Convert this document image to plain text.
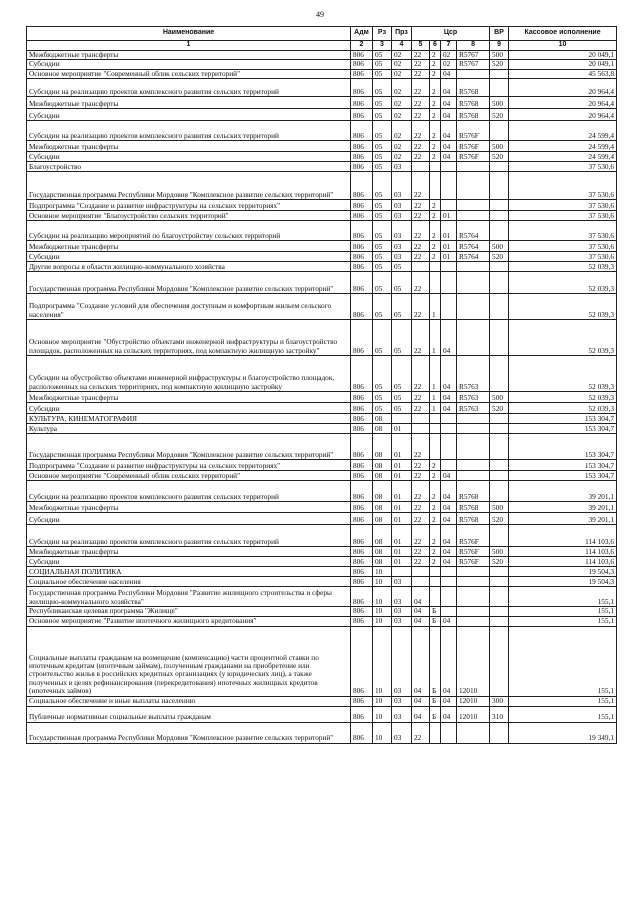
49
Наименование	Адм	Рз	Прз	Цср				ВР	Кассовое исполнение
1	2	3	4	5	6	7	8	9	10
Межбюджетные трансферты	806	05	02	22	2	02	R5767	500	20 049,1
Субсидии	806	05	02	22	2	02	R5767	520	20 049,1
Основное мероприятие "Современный облик сельских территорий"	806	05	02	22	2	04			45 563,8
Субсидии на реализацию проектов комплексного развития сельских территорий	806	05	02	22	2	04	R5768		20 964,4
Межбюджетные трансферты	806	05	02	22	2	04	R5768	500	20 964,4
Субсидии	806	05	02	22	2	04	R5768	520	20 964,4
Субсидии на реализацию проектов комплексного развития сельских территорий	806	05	02	22	2	04	R576F		24 599,4
Межбюджетные трансферты	806	05	02	22	2	04	R576F	500	24 599,4
Субсидии	806	05	02	22	2	04	R576F	520	24 599,4
Благоустройство	806	05	03						37 530,6
Государственная программа Республики Мордовия "Комплексное развитие сельских территорий"	806	05	03	22					37 530,6
Подпрограмма "Создание и развитие инфраструктуры на сельских территориях"	806	05	03	22	2				37 530,6
Основное мероприятие "Благоустройство сельских территорий"	806	05	03	22	2	01			37 530,6
Субсидии на реализацию мероприятий по благоустройству сельских территорий	806	05	03	22	2	01	R5764		37 530,6
Межбюджетные трансферты	806	05	03	22	2	01	R5764	500	37 530,6
Субсидии	806	05	03	22	2	01	R5764	520	37 530,6
Другие вопросы в области жилищно-коммунального хозяйства	806	05	05						52 039,3
Государственная программа Республики Мордовия "Комплексное развитие сельских территорий"	806	05	05	22					52 039,3
Подпрограмма "Создание условий для обеспечения доступным и комфортным жильем сельского населения"	806	05	05	22	1				52 039,3
Основное мероприятие "Обустройство объектами инженерной инфраструктуры и благоустройство площадок, расположенных на сельских территориях, под компактную жилищную застройку"	806	05	05	22	1	04			52 039,3
Субсидии на обустройство объектами инженерной инфраструктуры и благоустройство площадок, расположенных на сельских территориях, под компактную жилищную застройку	806	05	05	22	1	04	R5763		52 039,3
Межбюджетные трансферты	806	05	05	22	1	04	R5763	500	52 039,3
Субсидии	806	05	05	22	1	04	R5763	520	52 039,3
КУЛЬТУРА, КИНЕМАТОГРАФИЯ	806	08							153 304,7
Культура	806	08	01						153 304,7
Государственная программа Республики Мордовия "Комплексное развитие сельских территорий"	806	08	01	22					153 304,7
Подпрограмма "Создание и развитие инфраструктуры на сельских территориях"	806	08	01	22	2				153 304,7
Основное мероприятие "Современный облик сельских территорий"	806	08	01	22	2	04			153 304,7
Субсидии на реализацию проектов комплексного развития сельских территорий	806	08	01	22	2	04	R5768		39 201,1
Межбюджетные трансферты	806	08	01	22	2	04	R5768	500	39 201,1
Субсидии	806	08	01	22	2	04	R5768	520	39 201,1
Субсидии на реализацию проектов комплексного развития сельских территорий	806	08	01	22	2	04	R576F		114 103,6
Межбюджетные трансферты	806	08	01	22	2	04	R576F	500	114 103,6
Субсидии	806	08	01	22	2	04	R576F	520	114 103,6
СОЦИАЛЬНАЯ ПОЛИТИКА	806	10							19 504,3
Социальное обеспечение населения	806	10	03						19 504,3
Государственная программа Республики Мордовия "Развитие жилищного строительства и сферы жилищно-коммунального хозяйства"	806	10	03	04					155,1
Республиканская целевая программа "Жилище"	806	10	03	04	Б				155,1
Основное мероприятие "Развитие ипотечного жилищного кредитования"	806	10	03	04	Б	04			155,1
Социальные выплаты гражданам на возмещение (компенсацию) части процентной ставки по ипотечным кредитам (ипотечным займам), полученным гражданами на приобретение или строительство жилья в российских кредитных организациях (у юридических лиц), а также полученных в целях рефинансирования (перекредитования) ипотечных жилищных кредитов (ипотечных займов)	806	10	03	04	Б	04	12010		155,1
Социальное обеспечение и иные выплаты населению	806	10	03	04	Б	04	12010	300	155,1
Публичные нормативные социальные выплаты гражданам	806	10	03	04	Б	04	12010	310	155,1
Государственная программа Республики Мордовия "Комплексное развитие сельских территорий"	806	10	03	22					19 349,1
